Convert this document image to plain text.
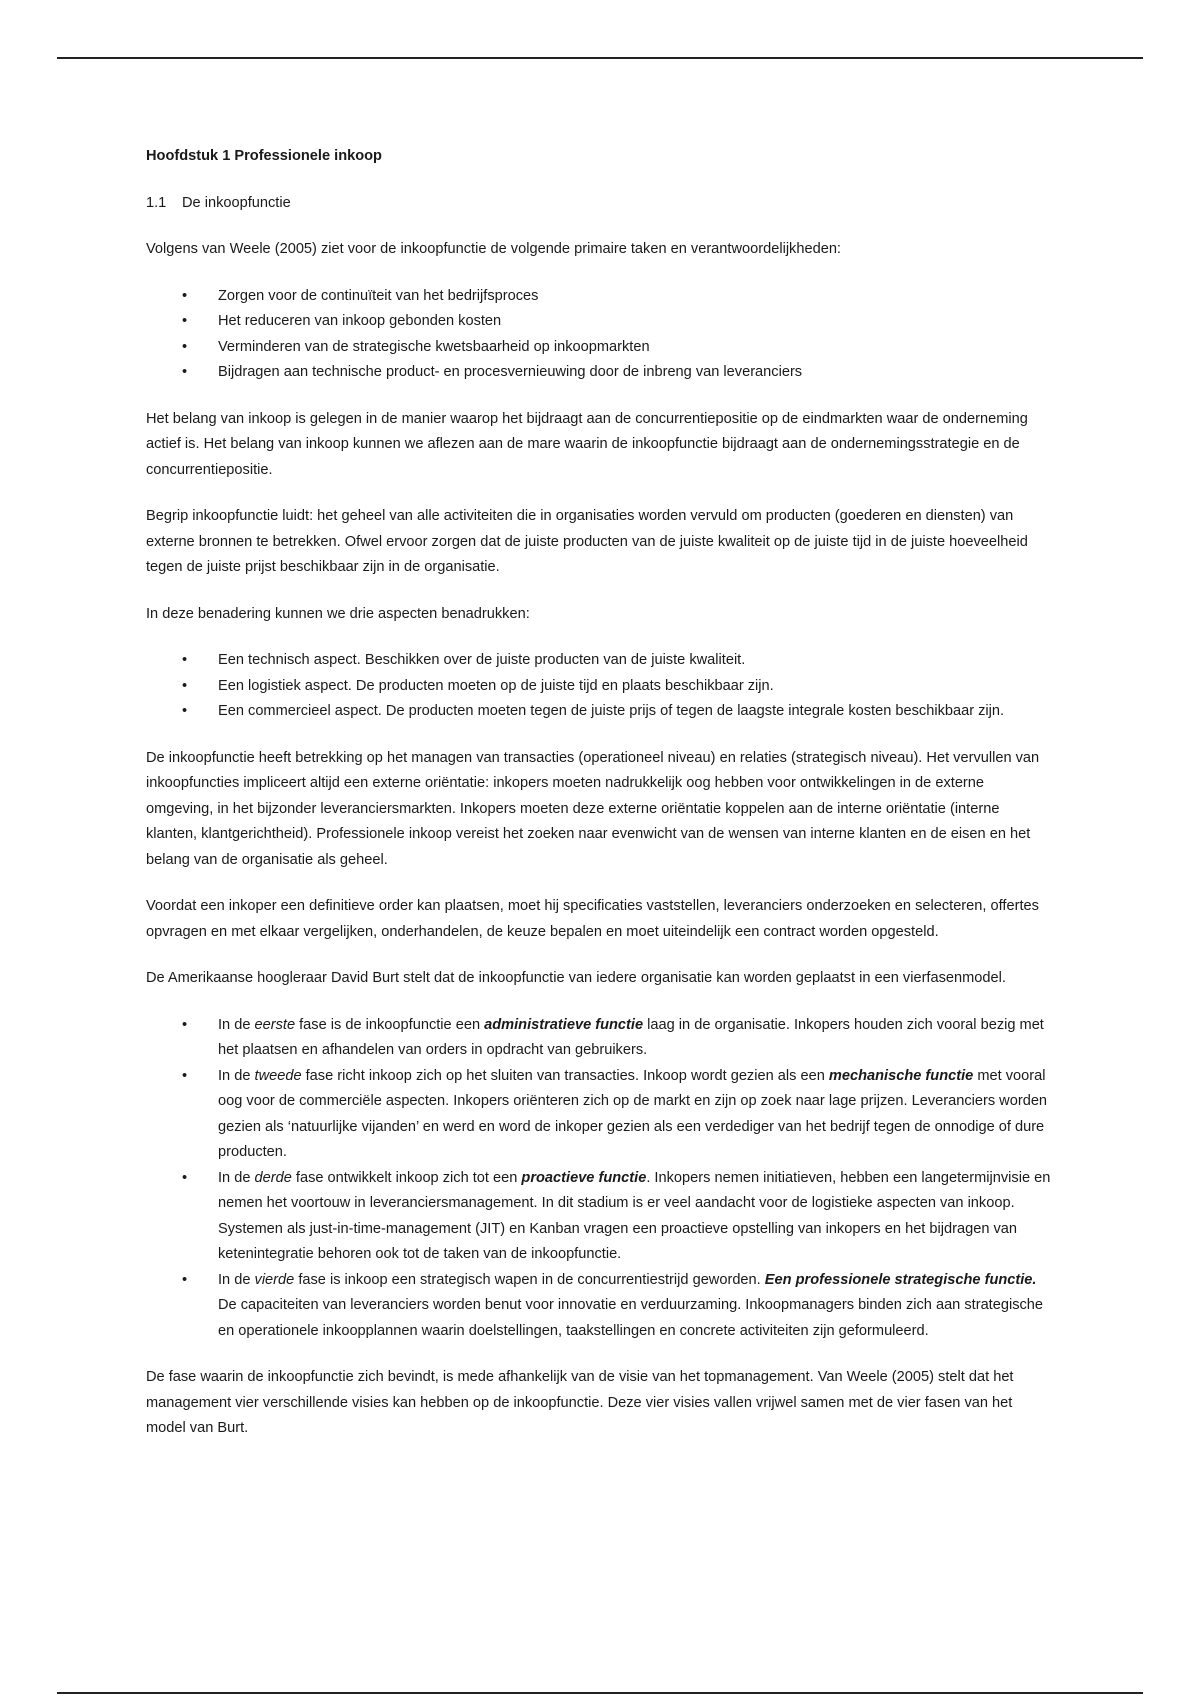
Hoofdstuk 1 Professionele inkoop
1.1 De inkoopfunctie

Volgens van Weele (2005) ziet voor de inkoopfunctie de volgende primaire taken en verantwoordelijkheden:

• Zorgen voor de continuïteit van het bedrijfsproces
• Het reduceren van inkoop gebonden kosten
• Verminderen van de strategische kwetsbaarheid op inkoopmarkten
• Bijdragen aan technische product- en procesvernieuwing door de inbreng van leveranciers

Het belang van inkoop is gelegen in de manier waarop het bijdraagt aan de concurrentiepositie op de eindmarkten waar de onderneming actief is. Het belang van inkoop kunnen we aflezen aan de mare waarin de inkoopfunctie bijdraagt aan de ondernemingsstrategie en de concurrentiepositie.

Begrip inkoopfunctie luidt: het geheel van alle activiteiten die in organisaties worden vervuld om producten (goederen en diensten) van externe bronnen te betrekken. Ofwel ervoor zorgen dat de juiste producten van de juiste kwaliteit op de juiste tijd in de juiste hoeveelheid tegen de juiste prijst beschikbaar zijn in de organisatie.

In deze benadering kunnen we drie aspecten benadrukken:

• Een technisch aspect. Beschikken over de juiste producten van de juiste kwaliteit.
• Een logistiek aspect. De producten moeten op de juiste tijd en plaats beschikbaar zijn.
• Een commercieel aspect. De producten moeten tegen de juiste prijs of tegen de laagste integrale kosten beschikbaar zijn.

De inkoopfunctie heeft betrekking op het managen van transacties (operationeel niveau) en relaties (strategisch niveau). Het vervullen van inkoopfuncties impliceert altijd een externe oriëntatie: inkopers moeten nadrukkelijk oog hebben voor ontwikkelingen in de externe omgeving, in het bijzonder leveranciersmarkten. Inkopers moeten deze externe oriëntatie koppelen aan de interne oriëntatie (interne klanten, klantgerichtheid). Professionele inkoop vereist het zoeken naar evenwicht van de wensen van interne klanten en de eisen en het belang van de organisatie als geheel.

Voordat een inkoper een definitieve order kan plaatsen, moet hij specificaties vaststellen, leveranciers onderzoeken en selecteren, offertes opvragen en met elkaar vergelijken, onderhandelen, de keuze bepalen en moet uiteindelijk een contract worden opgesteld.

De Amerikaanse hoogleraar David Burt stelt dat de inkoopfunctie van iedere organisatie kan worden geplaatst in een vierfasenmodel.

• In de eerste fase is de inkoopfunctie een administratieve functie laag in de organisatie. Inkopers houden zich vooral bezig met het plaatsen en afhandelen van orders in opdracht van gebruikers.
• In de tweede fase richt inkoop zich op het sluiten van transacties. Inkoop wordt gezien als een mechanische functie met vooral oog voor de commerciële aspecten. Inkopers oriënteren zich op de markt en zijn op zoek naar lage prijzen. Leveranciers worden gezien als ‘natuurlijke vijanden’ en werd en word de inkoper gezien als een verdediger van het bedrijf tegen de onnodige of dure producten.
• In de derde fase ontwikkelt inkoop zich tot een proactieve functie. Inkopers nemen initiatieven, hebben een langetermijnvisie en nemen het voortouw in leveranciersmanagement. In dit stadium is er veel aandacht voor de logistieke aspecten van inkoop. Systemen als just-in-time-management (JIT) en Kanban vragen een proactieve opstelling van inkopers en het bijdragen van ketenintegratie behoren ook tot de taken van de inkoopfunctie.
• In de vierde fase is inkoop een strategisch wapen in de concurrentiestrijd geworden. Een professionele strategische functie. De capaciteiten van leveranciers worden benut voor innovatie en verduurzaming. Inkoopmanagers binden zich aan strategische en operationele inkoopplannen waarin doelstellingen, taakstellingen en concrete activiteiten zijn geformuleerd.

De fase waarin de inkoopfunctie zich bevindt, is mede afhankelijk van de visie van het topmanagement. Van Weele (2005) stelt dat het management vier verschillende visies kan hebben op de inkoopfunctie. Deze vier visies vallen vrijwel samen met de vier fasen van het model van Burt.
